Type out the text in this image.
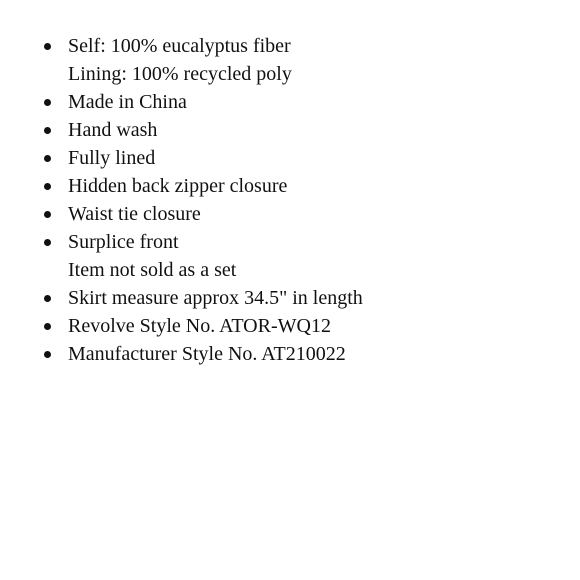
Self: 100% eucalyptus fiber
Lining: 100% recycled poly
Made in China
Hand wash
Fully lined
Hidden back zipper closure
Waist tie closure
Surplice front
Item not sold as a set
Skirt measure approx 34.5" in length
Revolve Style No. ATOR-WQ12
Manufacturer Style No. AT210022
